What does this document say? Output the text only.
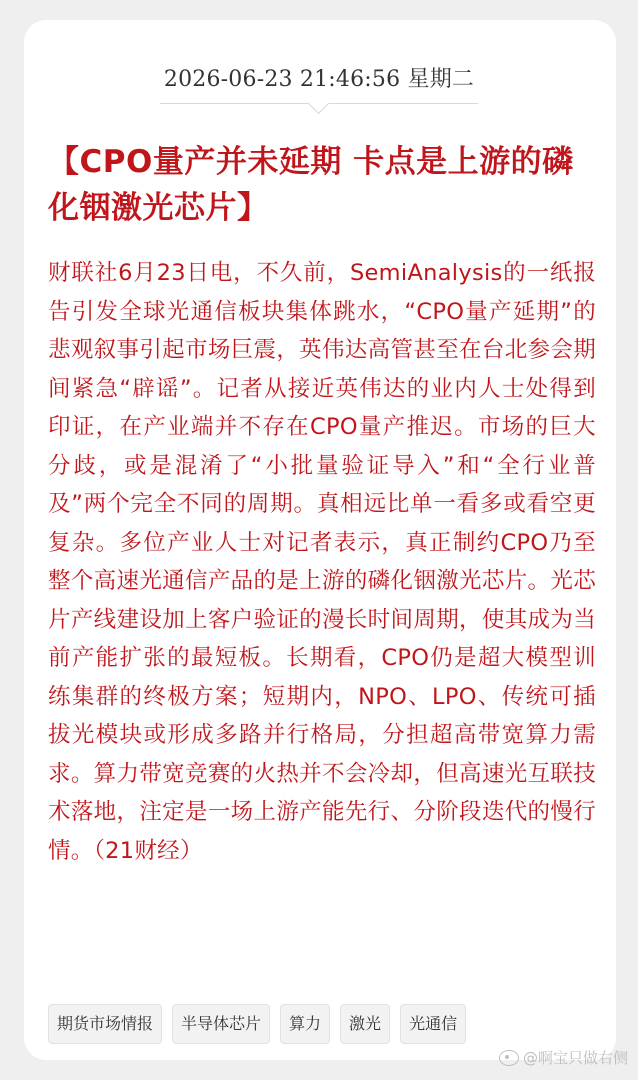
2026-06-23 21:46:56 星期二
【CPO量产并未延期 卡点是上游的磷化铟激光芯片】

财联社6月23日电，不久前，SemiAnalysis的一纸报告引发全球光通信板块集体跳水，“CPO量产延期”的悲观叙事引起市场巨震，英伟达高管甚至在台北参会期间紧急“辟谣”。记者从接近英伟达的业内人士处得到印证，在产业端并不存在CPO量产推迟。市场的巨大分歧，或是混淆了“小批量验证导入”和“全行业普及”两个完全不同的周期。真相远比单一看多或看空更复杂。多位产业人士对记者表示，真正制约CPO乃至整个高速光通信产品的是上游的磷化铟激光芯片。光芯片产线建设加上客户验证的漫长时间周期，使其成为当前产能扩张的最短板。长期看，CPO仍是超大模型训练集群的终极方案；短期内，NPO、LPO、传统可插拔光模块或形成多路并行格局，分担超高带宽算力需求。算力带宽竞赛的火热并不会冷却，但高速光互联技术落地，注定是一场上游产能先行、分阶段迭代的慢行情。（21财经）

期货市场情报	半导体芯片	算力	激光	光通信
@啊宝只做右侧
